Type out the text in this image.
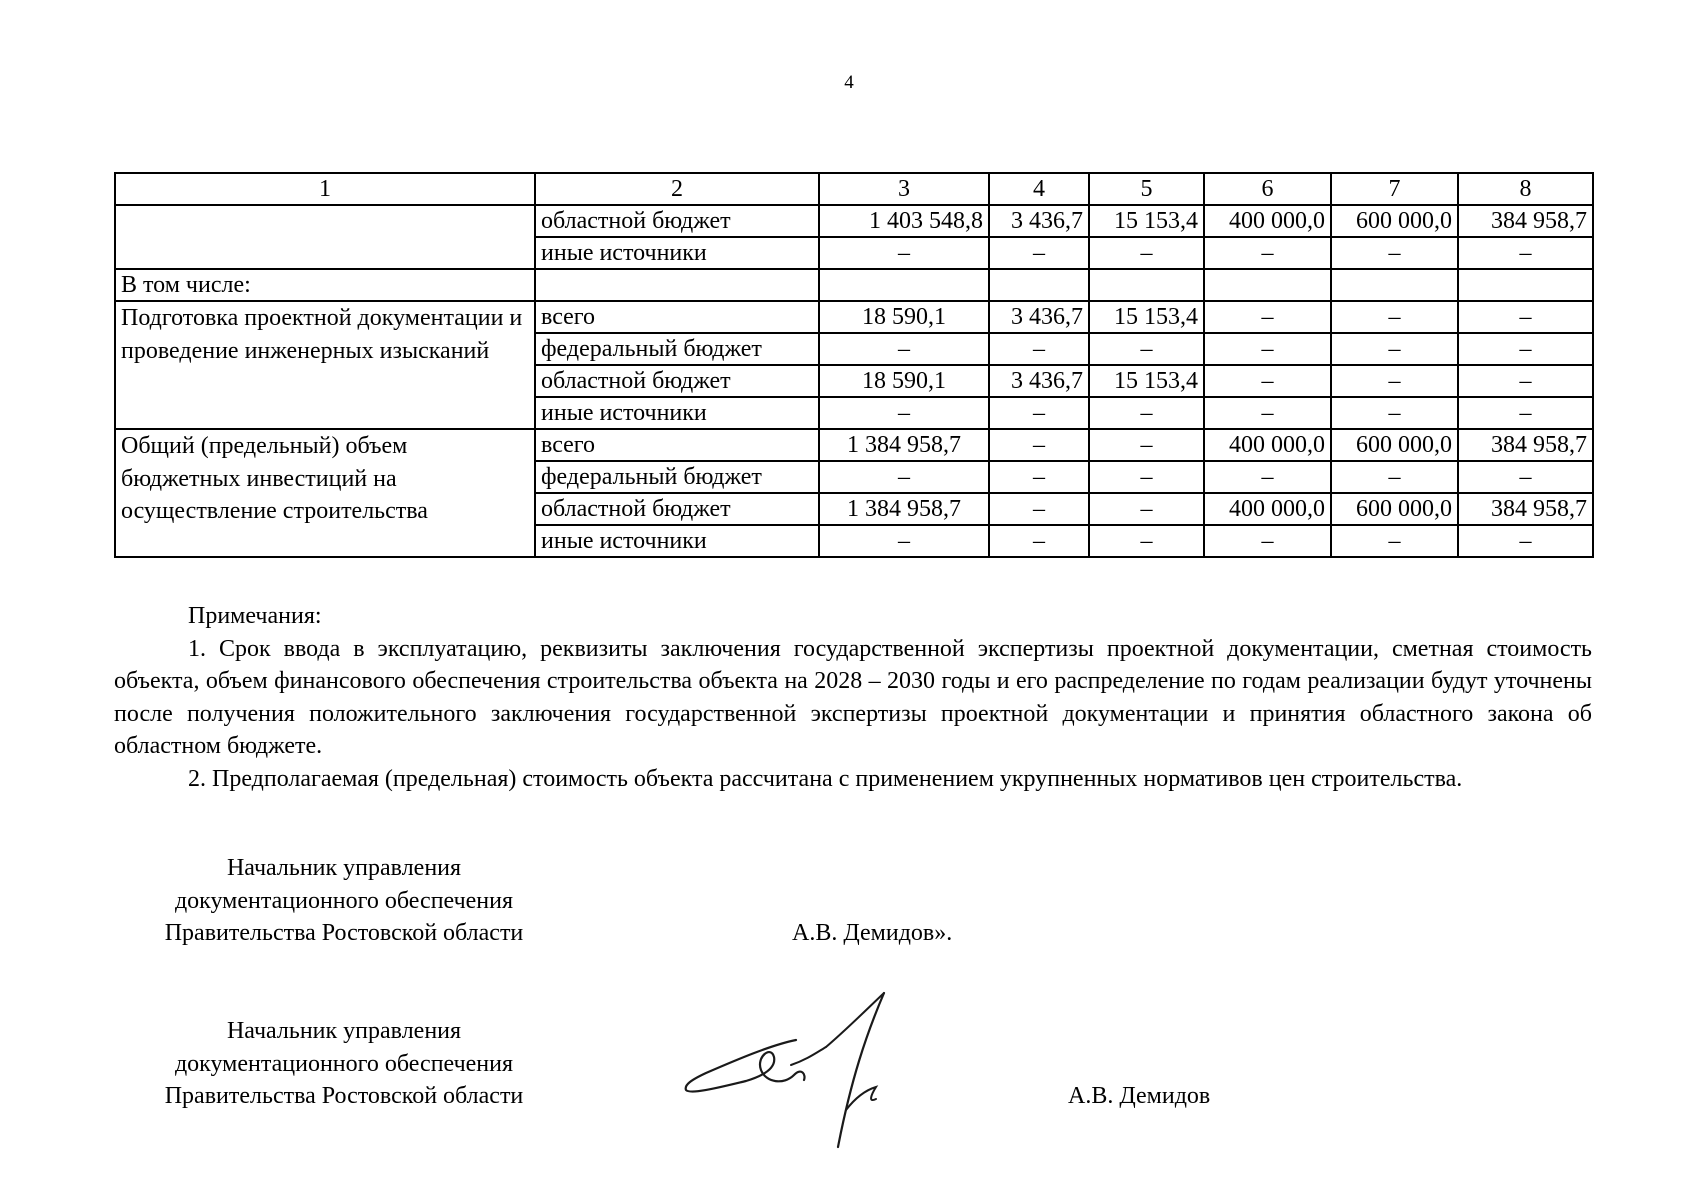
4
1	2	3	4	5	6	7	8
	областной бюджет	1 403 548,8	3 436,7	15 153,4	400 000,0	600 000,0	384 958,7
	иные источники	–	–	–	–	–	–
В том числе:							
Подготовка проектной документации и проведение инженерных изысканий	всего	18 590,1	3 436,7	15 153,4	–	–	–
	федеральный бюджет	–	–	–	–	–	–
	областной бюджет	18 590,1	3 436,7	15 153,4	–	–	–
	иные источники	–	–	–	–	–	–
Общий (предельный) объем бюджетных инвестиций на осуществление строительства	всего	1 384 958,7	–	–	400 000,0	600 000,0	384 958,7
	федеральный бюджет	–	–	–	–	–	–
	областной бюджет	1 384 958,7	–	–	400 000,0	600 000,0	384 958,7
	иные источники	–	–	–	–	–	–
Примечания:

1. Срок ввода в эксплуатацию, реквизиты заключения государственной экспертизы проектной документации, сметная стоимость объекта, объем финансового обеспечения строительства объекта на 2028 – 2030 годы и его распределение по годам реализации будут уточнены после получения положительного заключения государственной экспертизы проектной документации и принятия областного закона об областном бюджете.

2. Предполагаемая (предельная) стоимость объекта рассчитана с применением укрупненных нормативов цен строительства.

Начальник управления
документационного обеспечения
Правительства Ростовской области	А.В. Демидов».
Начальник управления
документационного обеспечения
Правительства Ростовской области	А.В. Демидов
